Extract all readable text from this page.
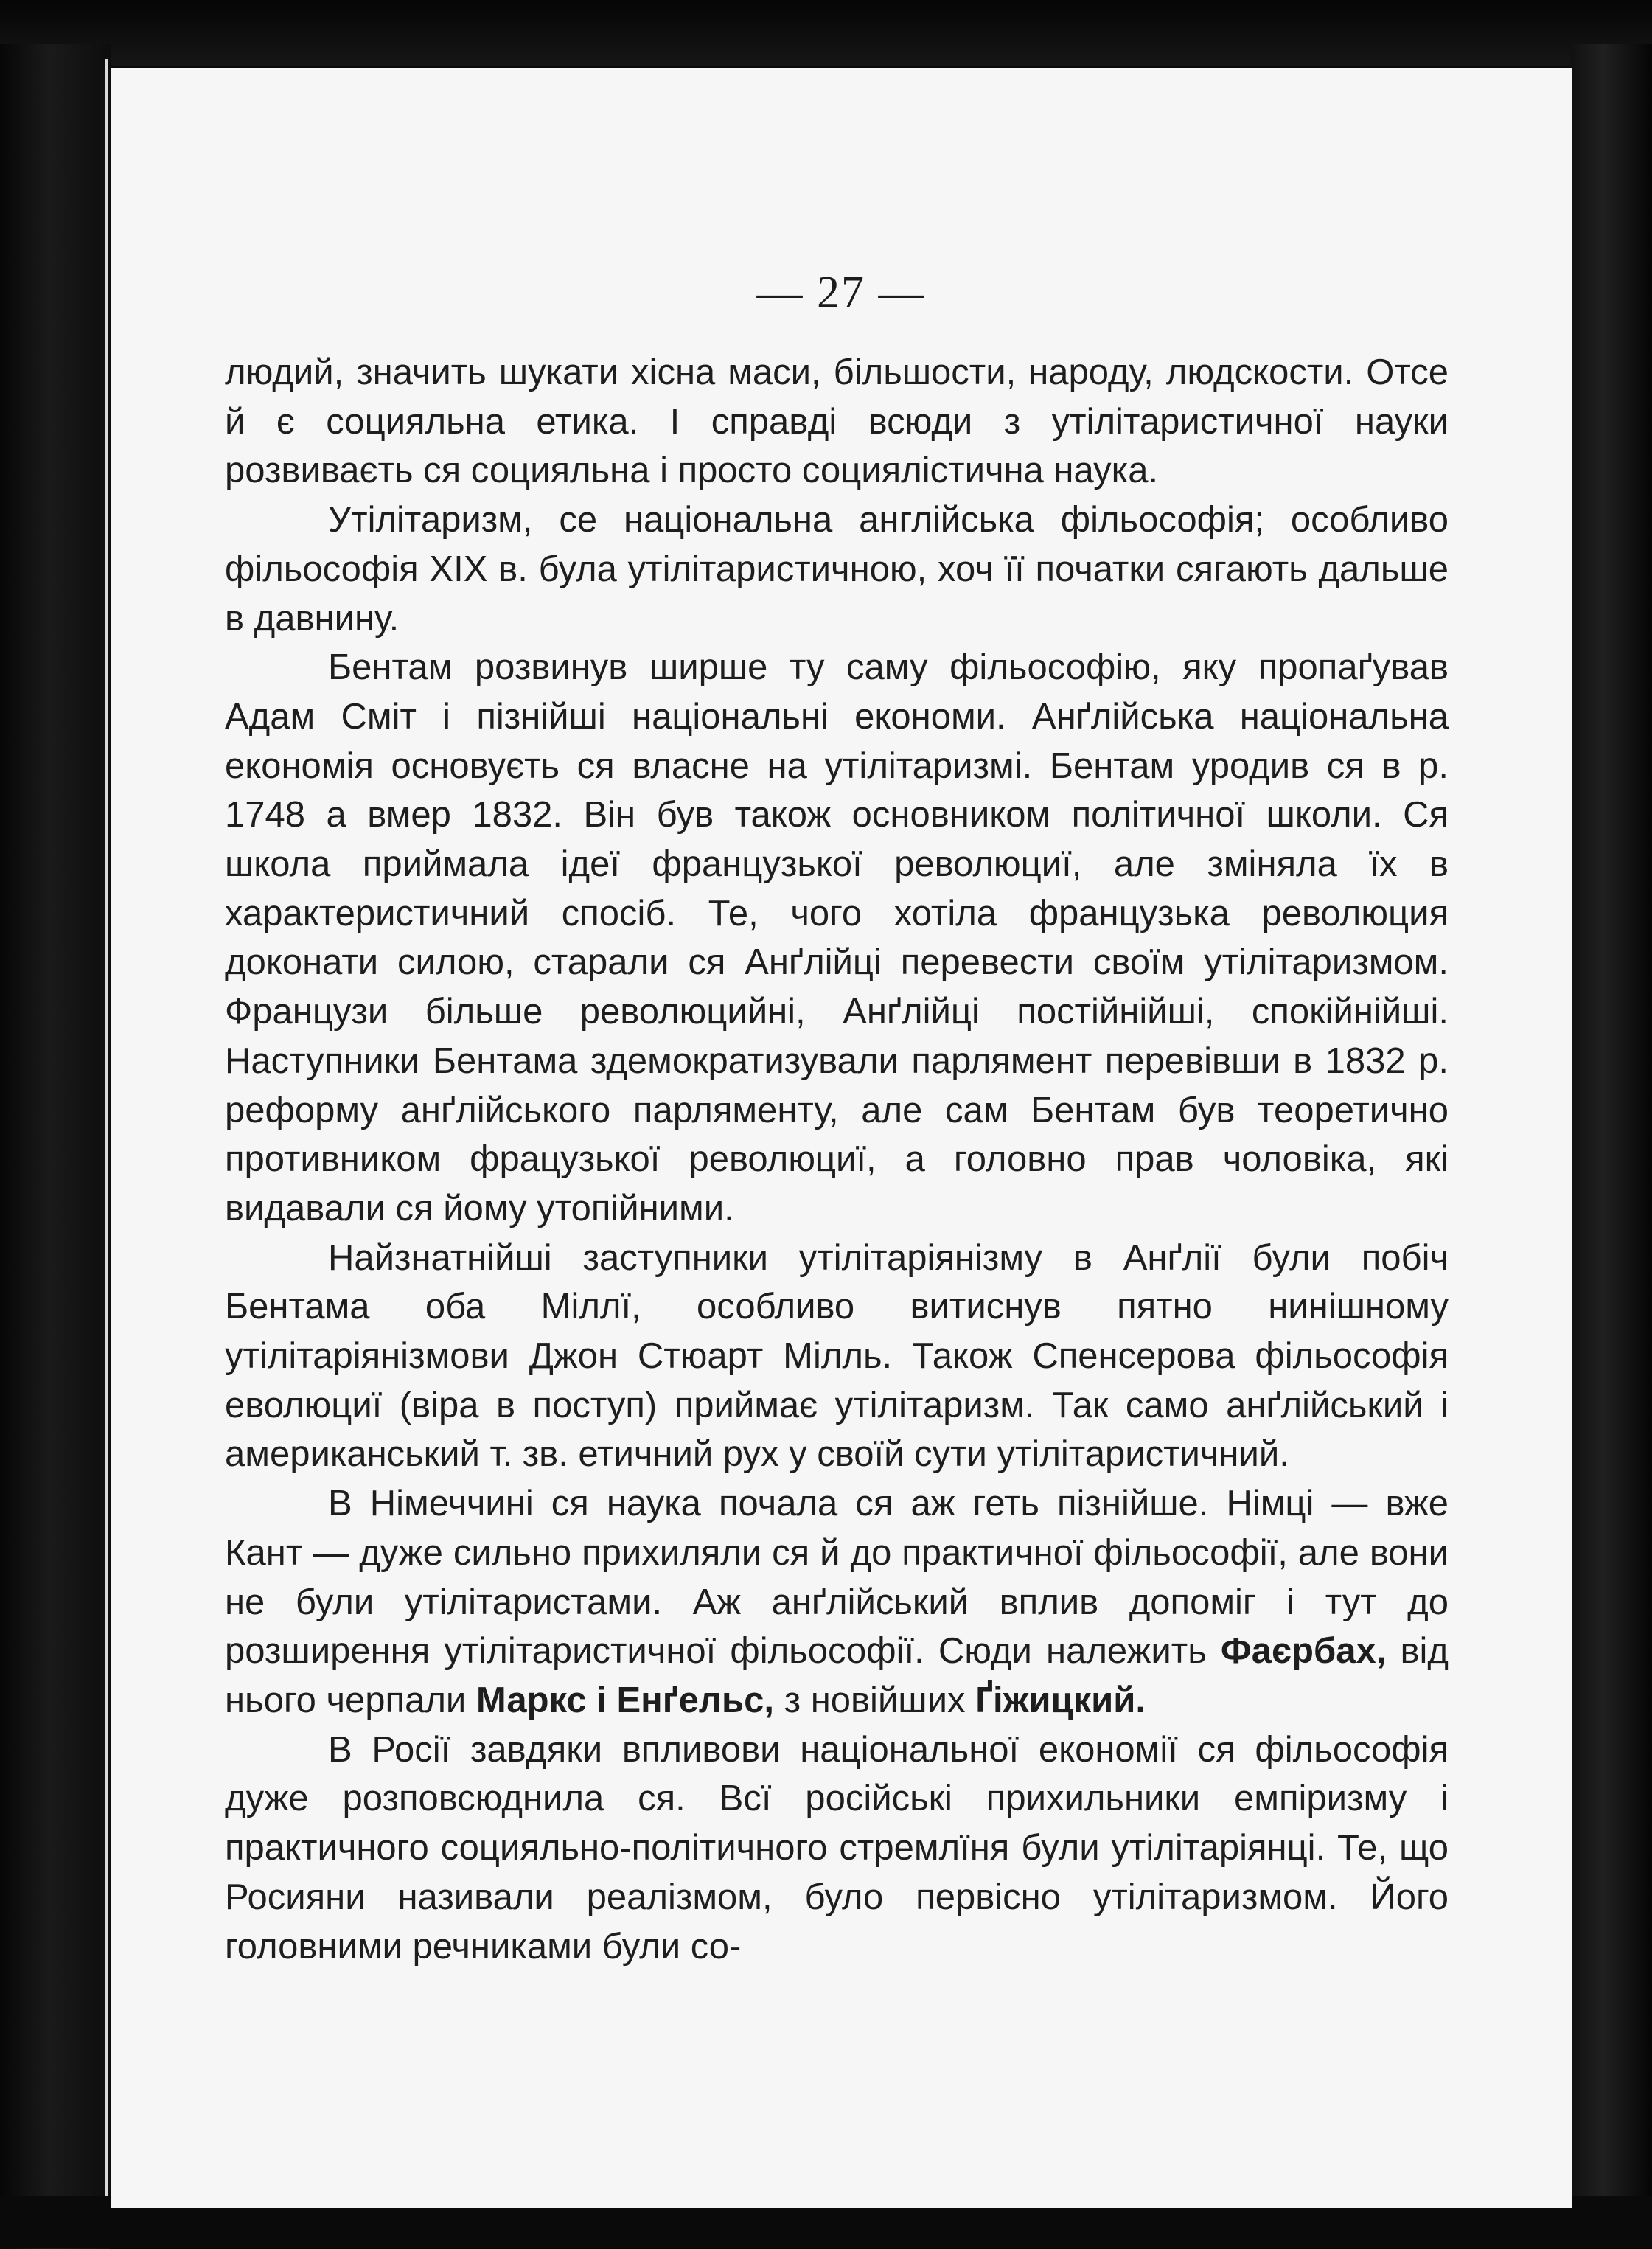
— 27 —

людий, значить шукати хісна маси, більшости, народу, людскости. Отсе й є социяльна етика. І справді всюди з утілітаристичної науки розвиваєть ся социяльна і просто социялістична наука.

Утілітаризм, се національна англійська фільософія; особливо фільософія XIX в. була утілітаристичною, хоч її початки сягають дальше в давнину.

Бентам розвинув ширше ту саму фільософію, яку пропаґував Адам Сміт і пізнійші національні економи. Анґлійська національна економія основуєть ся власне на утілітаризмі. Бентам уродив ся в р. 1748 а вмер 1832. Він був також основником політичної школи. Ся школа приймала ідеї французької революциї, але зміняла їх в характеристичний спосіб. Те, чого хотіла французька революция доконати силою, старали ся Анґлійці перевести своїм утілітаризмом. Французи більше революцийні, Анґлійці постійнійші, спокійнійші. Наступники Бентама здемократизували парлямент перевівши в 1832 р. реформу анґлійського парляменту, але сам Бентам був теоретично противником фрацузької революциї, а головно прав чоловіка, які видавали ся йому утопійними.

Найзнатнійші заступники утілітаріянізму в Анґлії були побіч Бентама оба Міллї, особливо витиснув пятно нинішному утілітаріянізмови Джон Стюарт Мілль. Також Спенсерова фільософія еволюциї (віра в поступ) приймає утілітаризм. Так само анґлійський і американський т. зв. етичний рух у своїй сути утілітаристичний.

В Німеччині ся наука почала ся аж геть пізнійше. Німці — вже Кант — дуже сильно прихиляли ся й до практичної фільософії, але вони не були утілітаристами. Аж анґлійський вплив допоміг і тут до розширення утілітаристичної фільософії. Сюди належить Фаєрбах, від нього черпали Маркс і Енґельс, з новійших Ґіжицкий.

В Росії завдяки впливови національної економії ся фільософія дуже розповсюднила ся. Всї російські прихильники емпіризму і практичного социяльно-політичного стремлїня були утілітаріянці. Те, що Росияни називали реалізмом, було первісно утілітаризмом. Його головними речниками були со-
